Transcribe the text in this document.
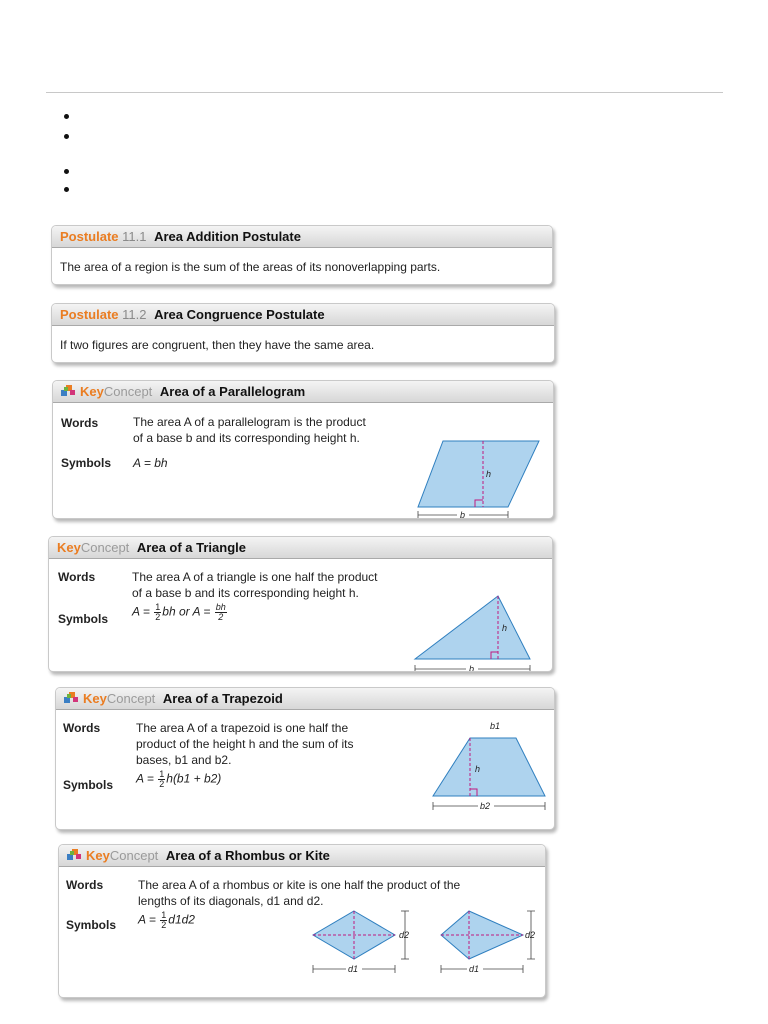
Postulate 11.1 Area Addition Postulate
The area of a region is the sum of the areas of its nonoverlapping parts.
Postulate 11.2 Area Congruence Postulate
If two figures are congruent, then they have the same area.
KeyConcept Area of a Parallelogram
Words	The area A of a parallelogram is the product
of a base b and its corresponding height h.
Symbols A = bh
h
b
KeyConcept Area of a Triangle
Words	The area A of a triangle is one half the product
of a base b and its corresponding height h.
Symbols
$A = \frac{1}{2}$ bh or $A = \frac{bh}{2}$
h
b
KeyConcept Area of a Trapezoid
Words	The area A of a trapezoid is one half the
product of the height h and the sum of its
bases, b1 and b2.
Symbols $A = \frac{1}{2} h(b1 + b2)$
b1
h
b2
KeyConcept Area of a Rhombus or Kite
Words	The area A of a rhombus or kite is one half the product of the
lengths of its diagonals, d1 and d2.
Symbols $A = \frac{1}{2} d1d2$
d2
d1
d2
d1
